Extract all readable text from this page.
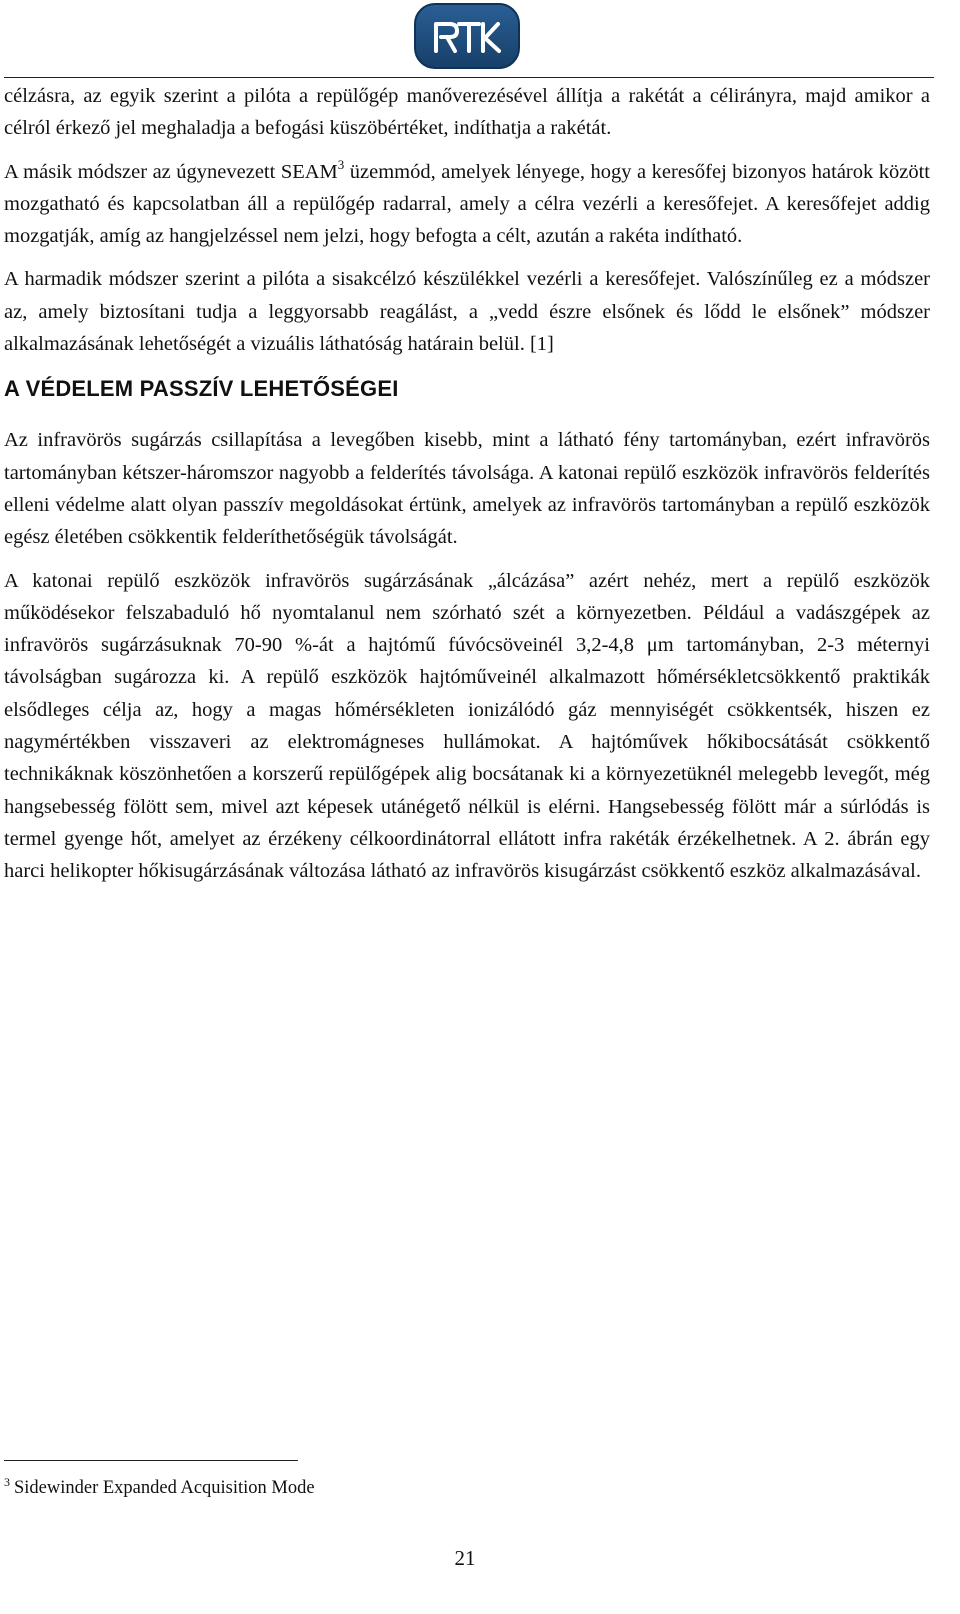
célzásra, az egyik szerint a pilóta a repülőgép manőverezésével állítja a rakétát a célirányra, majd amikor a célról érkező jel meghaladja a befogási küszöbértéket, indíthatja a rakétát.

A másik módszer az úgynevezett SEAM$^3$ üzemmód, amelyek lényege, hogy a keresőfej bizonyos határok között mozgatható és kapcsolatban áll a repülőgép radarral, amely a célra vezérli a keresőfejet. A keresőfejet addig mozgatják, amíg az hangjelzéssel nem jelzi, hogy befogta a célt, azután a rakéta indítható.

A harmadik módszer szerint a pilóta a sisakcélzó készülékkel vezérli a keresőfejet. Valószínűleg ez a módszer az, amely biztosítani tudja a leggyorsabb reagálást, a „vedd észre elsőnek és lődd le elsőnek” módszer alkalmazásának lehetőségét a vizuális láthatóság határain belül. [1]

A VÉDELEM PASSZÍV LEHETŐSÉGEI

Az infravörös sugárzás csillapítása a levegőben kisebb, mint a látható fény tartományban, ezért infravörös tartományban kétszer-háromszor nagyobb a felderítés távolsága. A katonai repülő eszközök infravörös felderítés elleni védelme alatt olyan passzív megoldásokat értünk, amelyek az infravörös tartományban a repülő eszközök egész életében csökkentik felderíthetőségük távolságát.

A katonai repülő eszközök infravörös sugárzásának „álcázása” azért nehéz, mert a repülő eszközök működésekor felszabaduló hő nyomtalanul nem szórható szét a környezetben. Például a vadászgépek az infravörös sugárzásuknak 70-90 %-át a hajtómű fúvócsöveinél 3,2-4,8 μm tartományban, 2-3 méternyi távolságban sugározza ki. A repülő eszközök hajtóműveinél alkalmazott hőmérsékletcsökkentő praktikák elsődleges célja az, hogy a magas hőmérsékleten ionizálódó gáz mennyiségét csökkentsék, hiszen ez nagymértékben visszaveri az elektromágneses hullámokat. A hajtóművek hőkibocsátását csökkentő technikáknak köszönhetően a korszerű repülőgépek alig bocsátanak ki a környezetüknél melegebb levegőt, még hangsebesség fölött sem, mivel azt képesek utánégető nélkül is elérni. Hangsebesség fölött már a súrlódás is termel gyenge hőt, amelyet az érzékeny célkoordinátorral ellátott infra rakéták érzékelhetnek. A 2. ábrán egy harci helikopter hőkisugárzásának változása látható az infravörös kisugárzást csökkentő eszköz alkalmazásával.

$^3$ Sidewinder Expanded Acquisition Mode
21
